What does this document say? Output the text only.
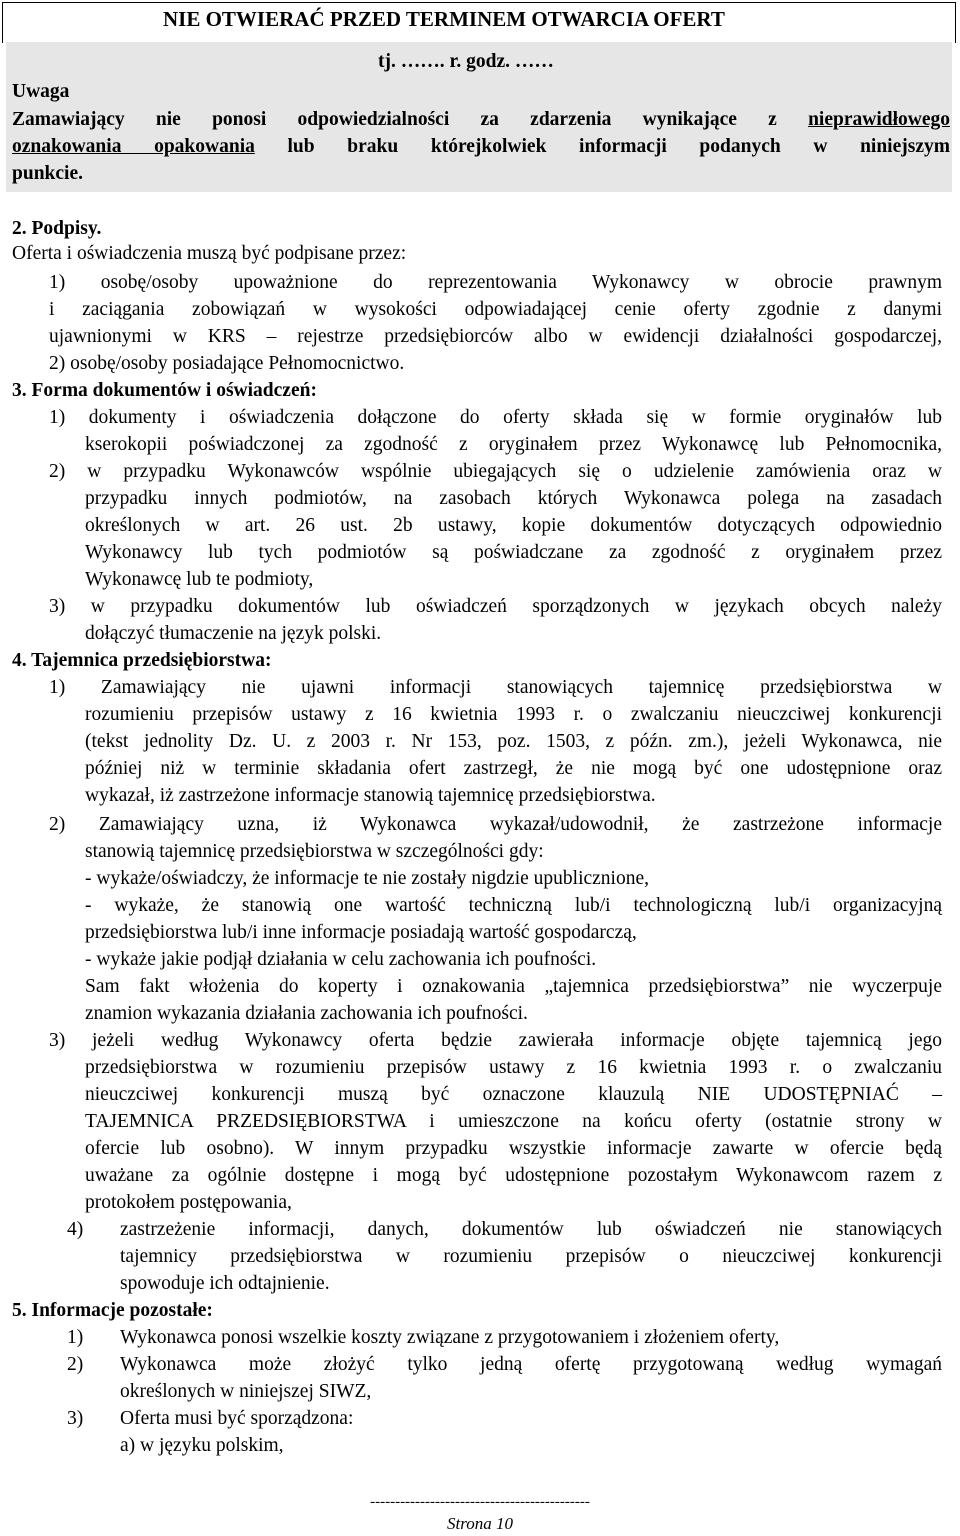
NIE OTWIERAĆ PRZED TERMINEM OTWARCIA OFERT

tj. ……. r. godz. ……

Uwaga

Zamawiający nie ponosi odpowiedzialności za zdarzenia wynikające z nieprawidłowego

oznakowania opakowania lub braku którejkolwiek informacji podanych w niniejszym

punkcie.

2. Podpisy.

Oferta i oświadczenia muszą być podpisane przez:

1) osobę/osoby upoważnione do reprezentowania Wykonawcy w obrocie prawnym

i zaciągania zobowiązań w wysokości odpowiadającej cenie oferty zgodnie z danymi

ujawnionymi w KRS – rejestrze przedsiębiorców albo w ewidencji działalności gospodarczej,

2) osobę/osoby posiadające Pełnomocnictwo.

3. Forma dokumentów i oświadczeń:

1) dokumenty i oświadczenia dołączone do oferty składa się w formie oryginałów lub

kserokopii poświadczonej za zgodność z oryginałem przez Wykonawcę lub Pełnomocnika,

2) w przypadku Wykonawców wspólnie ubiegających się o udzielenie zamówienia oraz w

przypadku innych podmiotów, na zasobach których Wykonawca polega na zasadach

określonych w art. 26 ust. 2b ustawy, kopie dokumentów dotyczących odpowiednio

Wykonawcy lub tych podmiotów są poświadczane za zgodność z oryginałem przez

Wykonawcę lub te podmioty,

3) w przypadku dokumentów lub oświadczeń sporządzonych w językach obcych należy

dołączyć tłumaczenie na język polski.

4. Tajemnica przedsiębiorstwa:

1) Zamawiający nie ujawni informacji stanowiących tajemnicę przedsiębiorstwa w

rozumieniu przepisów ustawy z 16 kwietnia 1993 r. o zwalczaniu nieuczciwej konkurencji

(tekst jednolity Dz. U. z 2003 r. Nr 153, poz. 1503, z późn. zm.), jeżeli Wykonawca, nie

później niż w terminie składania ofert zastrzegł, że nie mogą być one udostępnione oraz

wykazał, iż zastrzeżone informacje stanowią tajemnicę przedsiębiorstwa.

2) Zamawiający uzna, iż Wykonawca wykazał/udowodnił, że zastrzeżone informacje

stanowią tajemnicę przedsiębiorstwa w szczególności gdy:

- wykaże/oświadczy, że informacje te nie zostały nigdzie upublicznione,

- wykaże, że stanowią one wartość techniczną lub/i technologiczną lub/i organizacyjną

przedsiębiorstwa lub/i inne informacje posiadają wartość gospodarczą,

- wykaże jakie podjął działania w celu zachowania ich poufności.

Sam fakt włożenia do koperty i oznakowania „tajemnica przedsiębiorstwa” nie wyczerpuje

znamion wykazania działania zachowania ich poufności.

3) jeżeli według Wykonawcy oferta będzie zawierała informacje objęte tajemnicą jego

przedsiębiorstwa w rozumieniu przepisów ustawy z 16 kwietnia 1993 r. o zwalczaniu

nieuczciwej konkurencji muszą być oznaczone klauzulą NIE UDOSTĘPNIAĆ –

TAJEMNICA PRZEDSIĘBIORSTWA i umieszczone na końcu oferty (ostatnie strony w

ofercie lub osobno). W innym przypadku wszystkie informacje zawarte w ofercie będą

uważane za ogólnie dostępne i mogą być udostępnione pozostałym Wykonawcom razem z

protokołem postępowania,

4) zastrzeżenie informacji, danych, dokumentów lub oświadczeń nie stanowiących

tajemnicy przedsiębiorstwa w rozumieniu przepisów o nieuczciwej konkurencji

spowoduje ich odtajnienie.

5. Informacje pozostałe:

1) Wykonawca ponosi wszelkie koszty związane z przygotowaniem i złożeniem oferty,

2) Wykonawca może złożyć tylko jedną ofertę przygotowaną według wymagań

określonych w niniejszej SIWZ,

3) Oferta musi być sporządzona:

a) w języku polskim,

--------------------------------------------

Strona 10
